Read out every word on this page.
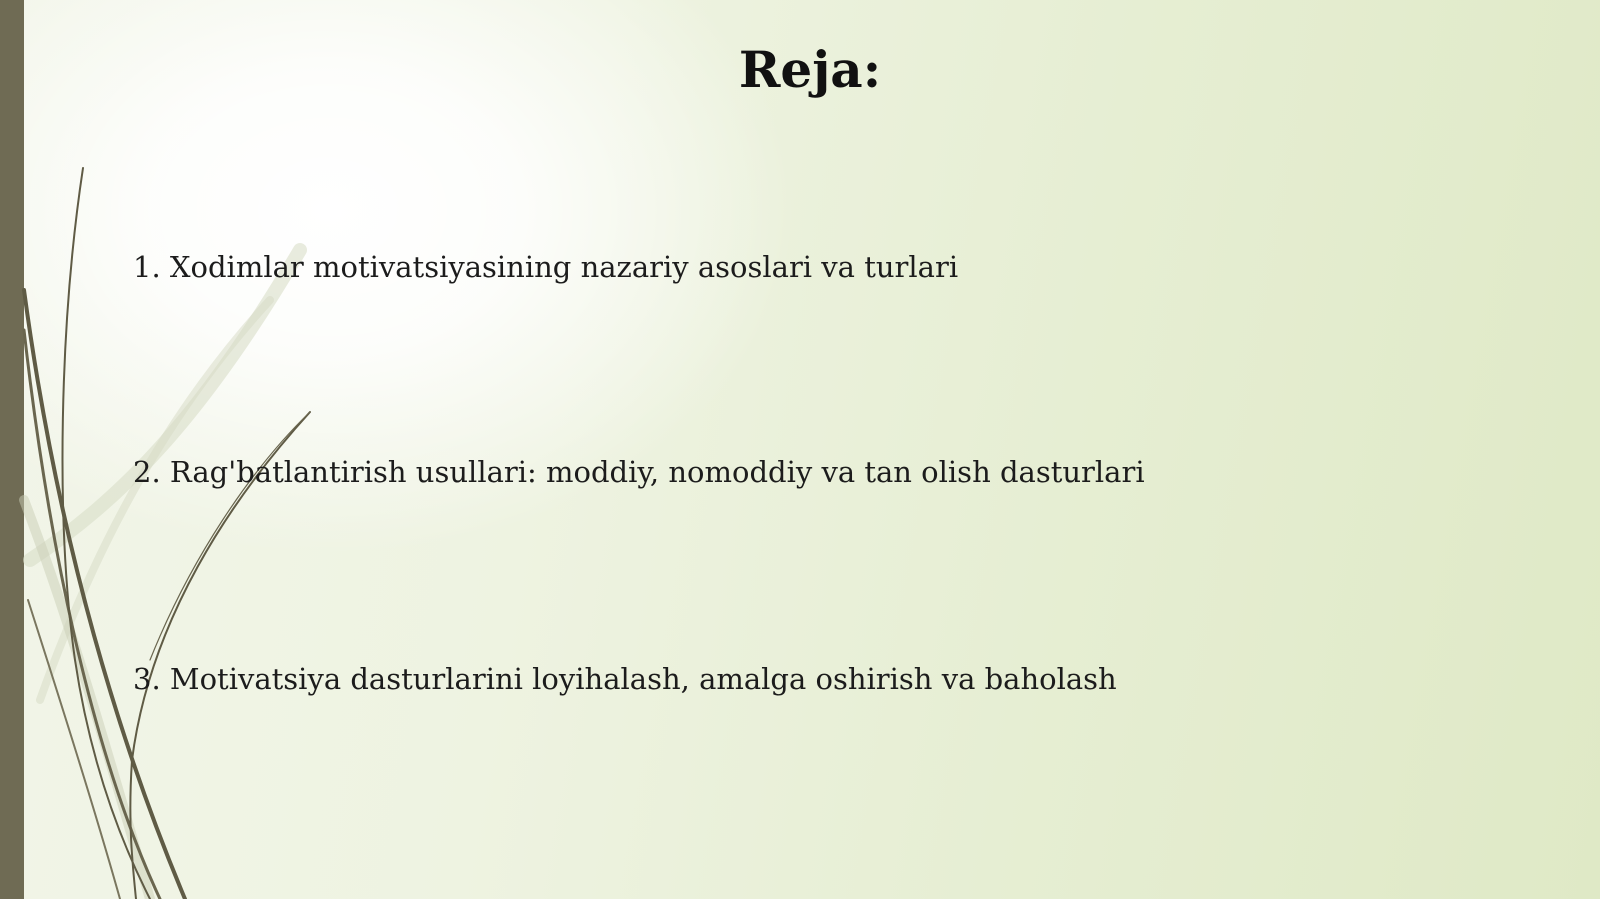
Reja:
1. Xodimlar motivatsiyasining nazariy asoslari va turlari
2. Rag'batlantirish usullari: moddiy, nomoddiy va tan olish dasturlari
3. Motivatsiya dasturlarini loyihalash, amalga oshirish va baholash
